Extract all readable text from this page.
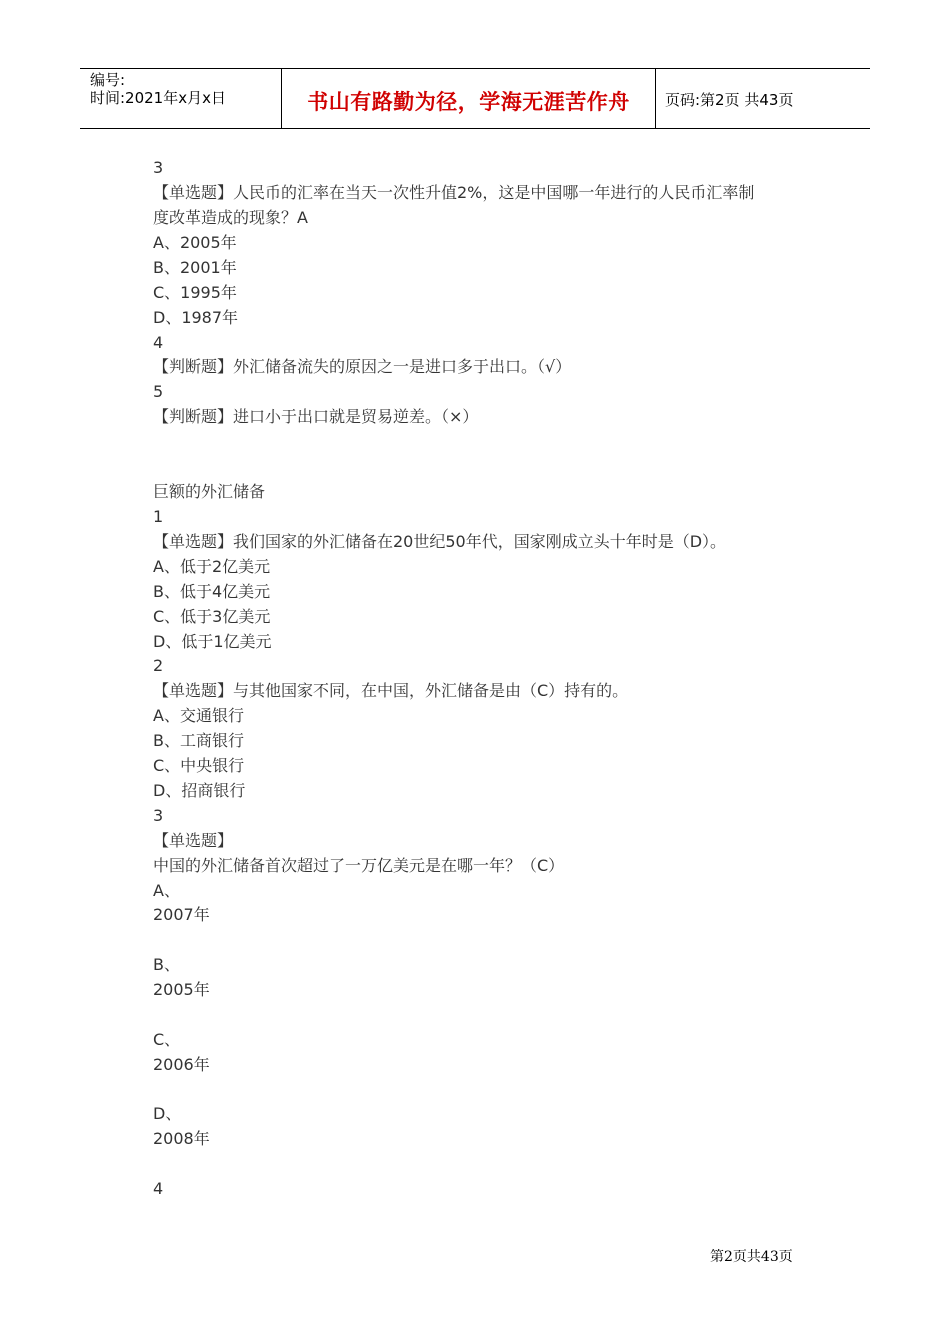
编号:
时间:2021年x月x日	书山有路勤为径，学海无涯苦作舟	页码:第2页 共43页
3
【单选题】人民币的汇率在当天一次性升值2%，这是中国哪一年进行的人民币汇率制
度改革造成的现象？A
A、2005年
B、2001年
C、1995年
D、1987年
4
【判断题】外汇储备流失的原因之一是进口多于出口。（√）
5
【判断题】进口小于出口就是贸易逆差。（×）
巨额的外汇储备
1
【单选题】我们国家的外汇储备在20世纪50年代，国家刚成立头十年时是（D）。
A、低于2亿美元
B、低于4亿美元
C、低于3亿美元
D、低于1亿美元
2
【单选题】与其他国家不同，在中国，外汇储备是由（C）持有的。
A、交通银行
B、工商银行
C、中央银行
D、招商银行
3
【单选题】
中国的外汇储备首次超过了一万亿美元是在哪一年？（C）
A、
2007年
B、
2005年
C、
2006年
D、
2008年
4
第2页共43页
